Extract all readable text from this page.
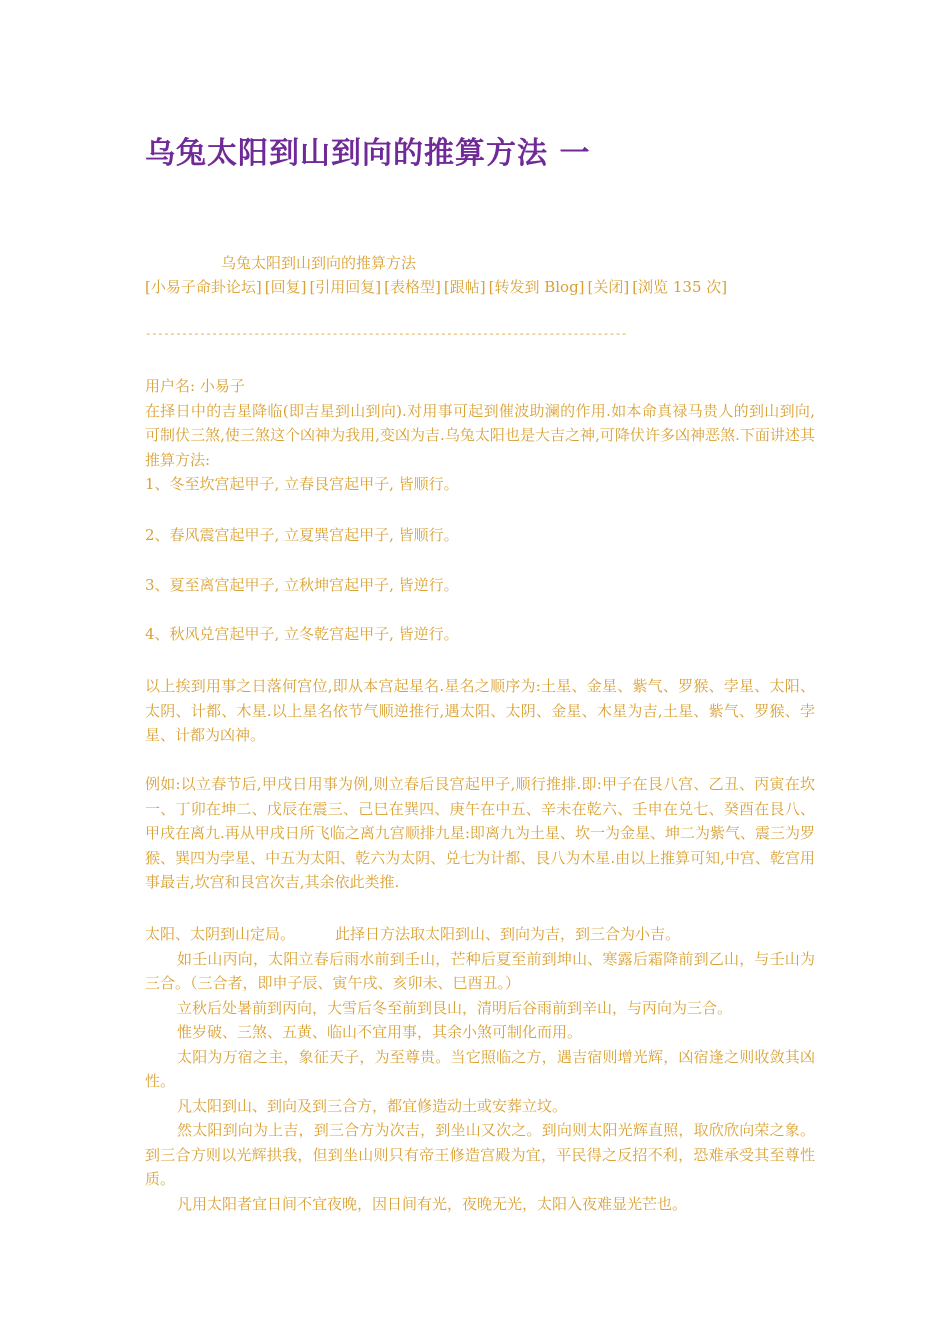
乌兔太阳到山到向的推算方法 一
乌兔太阳到山到向的推算方法
[小易子命卦论坛] [回复] [引用回复] [表格型] [跟帖] [转发到 Blog] [关闭] [浏览 135 次]
--------------------------------------------------------------------------------

用户名: 小易子

在择日中的吉星降临(即吉星到山到向).对用事可起到催波助澜的作用.如本命真禄马贵人的到山到向,可制伏三煞,使三煞这个凶神为我用,变凶为吉.乌兔太阳也是大吉之神,可降伏许多凶神恶煞.下面讲述其推算方法:

1、冬至坎宫起甲子, 立春艮宫起甲子, 皆顺行。

2、春风震宫起甲子, 立夏巽宫起甲子, 皆顺行。

3、夏至离宫起甲子, 立秋坤宫起甲子, 皆逆行。

4、秋风兑宫起甲子, 立冬乾宫起甲子, 皆逆行。

以上挨到用事之日落何宫位,即从本宫起星名.星名之顺序为:土星、金星、紫气、罗猴、孛星、太阳、太阴、计都、木星.以上星名依节气顺逆推行,遇太阳、太阴、金星、木星为吉,土星、紫气、罗猴、孛星、计都为凶神。

例如:以立春节后,甲戌日用事为例,则立春后艮宫起甲子,顺行推排.即:甲子在艮八宫、乙丑、丙寅在坎一、丁卯在坤二、戊辰在震三、己巳在巽四、庚午在中五、辛未在乾六、壬申在兑七、癸酉在艮八、甲戌在离九.再从甲戌日所飞临之离九宫顺排九星:即离九为土星、坎一为金星、坤二为紫气、震三为罗猴、巽四为孛星、中五为太阳、乾六为太阴、兑七为计都、艮八为木星.由以上推算可知,中宫、乾宫用事最吉,坎宫和艮宫次吉,其余依此类推.

太阳、太阴到山定局。	此择日方法取太阳到山、到向为吉，到三合为小吉。

如壬山丙向，太阳立春后雨水前到壬山，芒种后夏至前到坤山、寒露后霜降前到乙山，与壬山为三合。（三合者，即申子辰、寅午戌、亥卯未、巳酉丑。）

立秋后处暑前到丙向，大雪后冬至前到艮山，清明后谷雨前到辛山，与丙向为三合。

惟岁破、三煞、五黄、临山不宜用事，其余小煞可制化而用。

太阳为万宿之主，象征天子，为至尊贵。当它照临之方，遇吉宿则增光辉，凶宿逢之则收敛其凶性。

凡太阳到山、到向及到三合方，都宜修造动土或安葬立坟。

然太阳到向为上吉，到三合方为次吉，到坐山又次之。到向则太阳光辉直照，取欣欣向荣之象。到三合方则以光辉拱我，但到坐山则只有帝王修造宫殿为宜，平民得之反招不利，恐难承受其至尊性质。

凡用太阳者宜日间不宜夜晚，因日间有光，夜晚无光，太阳入夜难显光芒也。
